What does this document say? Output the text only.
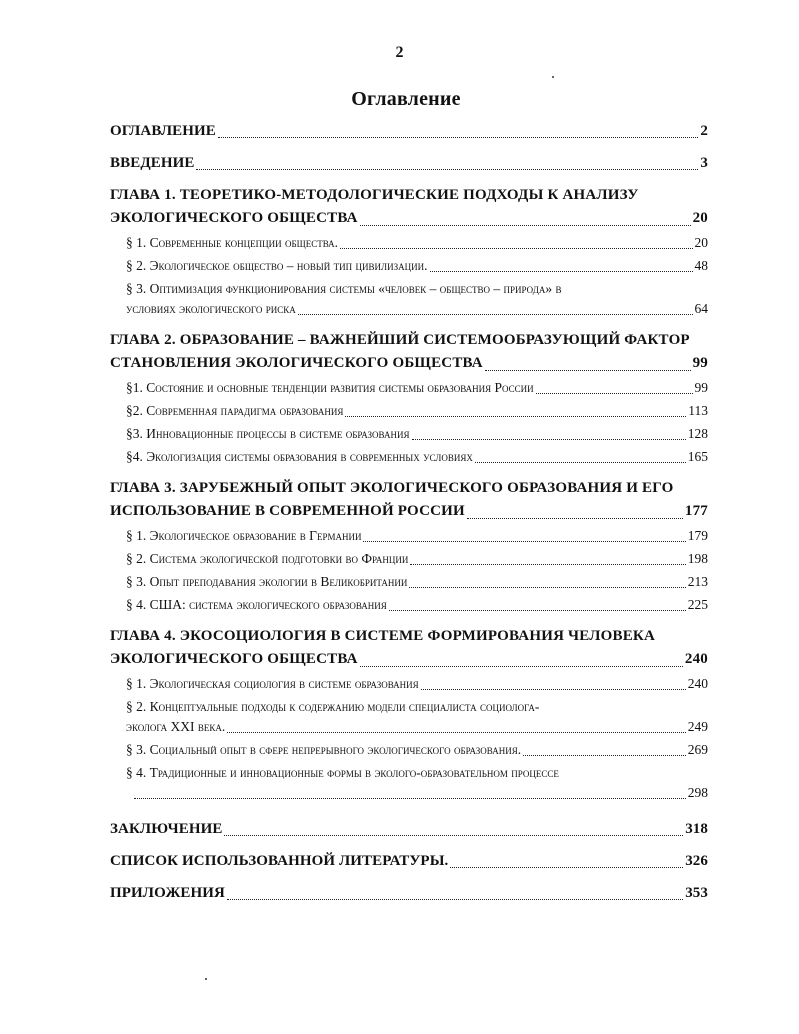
2
Оглавление
ОГЛАВЛЕНИЕ	2
ВВЕДЕНИЕ	3
ГЛАВА 1. ТЕОРЕТИКО-МЕТОДОЛОГИЧЕСКИЕ ПОДХОДЫ К АНАЛИЗУ
ЭКОЛОГИЧЕСКОГО ОБЩЕСТВА	20
§ 1. Современные концепции общества.	20
§ 2. Экологическое общество – новый тип цивилизации.	48
§ 3. Оптимизация функционирования системы «человек – общество – природа» в
условиях экологического риска	64
ГЛАВА 2. ОБРАЗОВАНИЕ – ВАЖНЕЙШИЙ СИСТЕМООБРАЗУЮЩИЙ ФАКТОР
СТАНОВЛЕНИЯ ЭКОЛОГИЧЕСКОГО ОБЩЕСТВА	99
§1. Состояние и основные тенденции развития системы образования России	99
§2. Современная парадигма образования	113
§3. Инновационные процессы в системе образования	128
§4. Экологизация системы образования в современных условиях	165
ГЛАВА 3. ЗАРУБЕЖНЫЙ ОПЫТ ЭКОЛОГИЧЕСКОГО ОБРАЗОВАНИЯ И ЕГО
ИСПОЛЬЗОВАНИЕ В СОВРЕМЕННОЙ РОССИИ	177
§ 1. Экологическое образование в Германии	179
§ 2. Система экологической подготовки во Франции	198
§ 3. Опыт преподавания экологии в Великобритании	213
§ 4. США: система экологического образования	225
ГЛАВА 4. ЭКОСОЦИОЛОГИЯ В СИСТЕМЕ ФОРМИРОВАНИЯ ЧЕЛОВЕКА
ЭКОЛОГИЧЕСКОГО ОБЩЕСТВА	240
§ 1. Экологическая социология в системе образования	240
§ 2. Концептуальные подходы к содержанию модели специалиста социолога-
эколога XXI века.	249
§ 3. Социальный опыт в сфере непрерывного экологического образования.	269
§ 4. Традиционные и инновационные формы в эколого-образовательном процессе
298
ЗАКЛЮЧЕНИЕ	318
СПИСОК ИСПОЛЬЗОВАННОЙ ЛИТЕРАТУРЫ.	326
ПРИЛОЖЕНИЯ	353
